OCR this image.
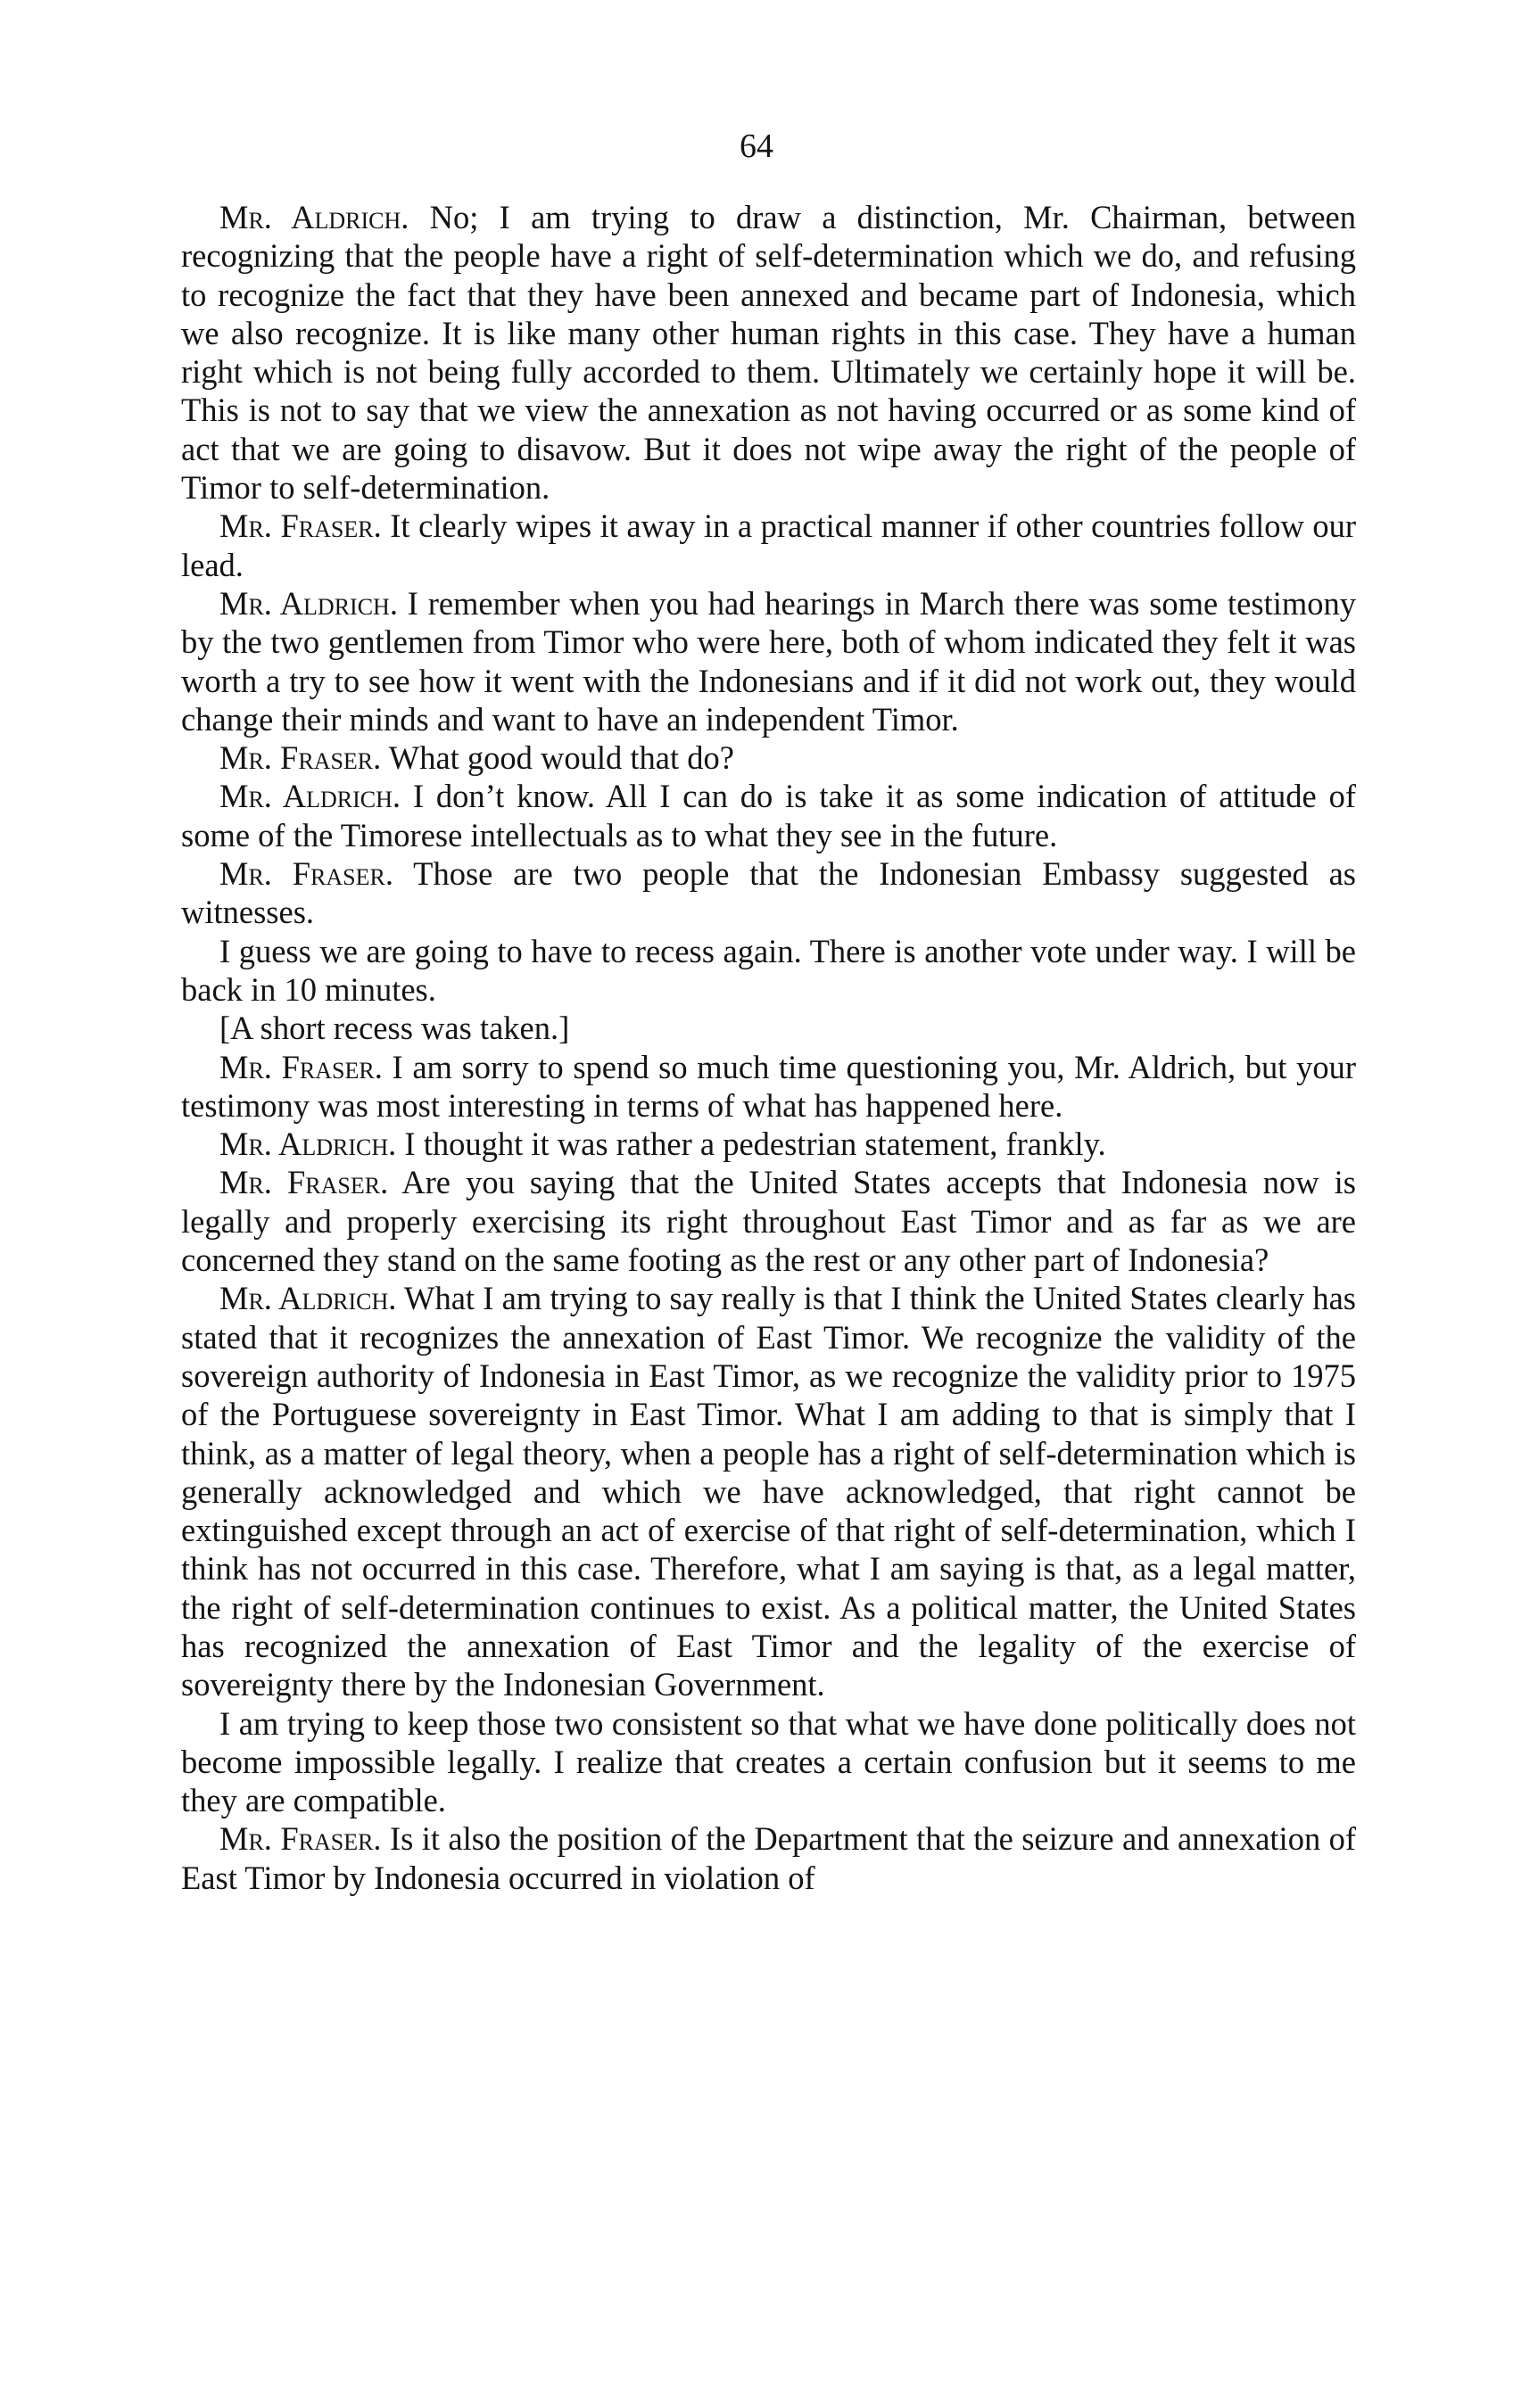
64

Mr. Aldrich. No; I am trying to draw a distinction, Mr. Chairman, between recognizing that the people have a right of self-determination which we do, and refusing to recognize the fact that they have been annexed and became part of Indonesia, which we also recognize. It is like many other human rights in this case. They have a human right which is not being fully accorded to them. Ultimately we certainly hope it will be. This is not to say that we view the annexation as not having occurred or as some kind of act that we are going to disavow. But it does not wipe away the right of the people of Timor to self-determination.

Mr. Fraser. It clearly wipes it away in a practical manner if other countries follow our lead.

Mr. Aldrich. I remember when you had hearings in March there was some testimony by the two gentlemen from Timor who were here, both of whom indicated they felt it was worth a try to see how it went with the Indonesians and if it did not work out, they would change their minds and want to have an independent Timor.

Mr. Fraser. What good would that do?

Mr. Aldrich. I don’t know. All I can do is take it as some indication of attitude of some of the Timorese intellectuals as to what they see in the future.

Mr. Fraser. Those are two people that the Indonesian Embassy suggested as witnesses.

I guess we are going to have to recess again. There is another vote under way. I will be back in 10 minutes.

[A short recess was taken.]

Mr. Fraser. I am sorry to spend so much time questioning you, Mr. Aldrich, but your testimony was most interesting in terms of what has happened here.

Mr. Aldrich. I thought it was rather a pedestrian statement, frankly.

Mr. Fraser. Are you saying that the United States accepts that Indonesia now is legally and properly exercising its right throughout East Timor and as far as we are concerned they stand on the same footing as the rest or any other part of Indonesia?

Mr. Aldrich. What I am trying to say really is that I think the United States clearly has stated that it recognizes the annexation of East Timor. We recognize the validity of the sovereign authority of Indonesia in East Timor, as we recognize the validity prior to 1975 of the Portuguese sovereignty in East Timor. What I am adding to that is simply that I think, as a matter of legal theory, when a people has a right of self-determination which is generally acknowledged and which we have acknowledged, that right cannot be extinguished except through an act of exercise of that right of self-determination, which I think has not occurred in this case. Therefore, what I am saying is that, as a legal matter, the right of self-determination continues to exist. As a political matter, the United States has recognized the annexation of East Timor and the legality of the exercise of sovereignty there by the Indonesian Government.

I am trying to keep those two consistent so that what we have done politically does not become impossible legally. I realize that creates a certain confusion but it seems to me they are compatible.

Mr. Fraser. Is it also the position of the Department that the seizure and annexation of East Timor by Indonesia occurred in violation of
